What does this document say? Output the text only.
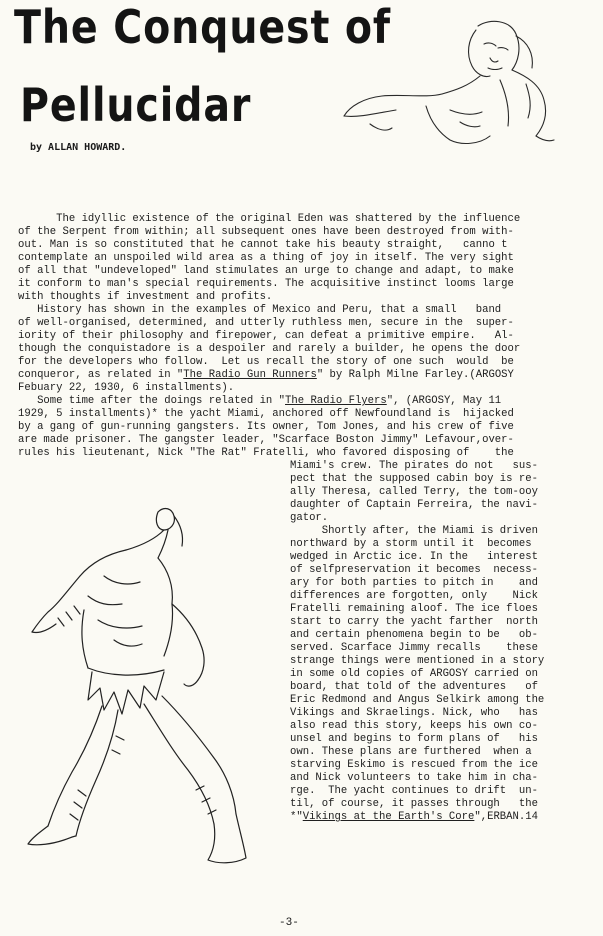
The Conquest of
Pellucidar

by ALLAN HOWARD.

The idyllic existence of the original Eden was shattered by the influence

of the Serpent from within; all subsequent ones have been destroyed from with-

out. Man is so constituted that he cannot take his beauty straight,   canno t

contemplate an unspoiled wild area as a thing of joy in itself. The very sight

of all that "undeveloped" land stimulates an urge to change and adapt, to make

it conform to man's special requirements. The acquisitive instinct looms large

with thoughts if investment and profits.

History has shown in the examples of Mexico and Peru, that a small   band

of well-organised, determined, and utterly ruthless men, secure in the  super-

iority of their philosophy and firepower, can defeat a primitive empire.   Al-

though the conquistadore is a despoiler and rarely a builder, he opens the door

for the developers who follow.  Let us recall the story of one such  would  be

conqueror, as related in "The Radio Gun Runners" by Ralph Milne Farley.(ARGOSY

Febuary 22, 1930, 6 installments).

Some time after the doings related in "The Radio Flyers", (ARGOSY, May 11

1929, 5 installments)* the yacht Miami, anchored off Newfoundland is  hijacked

by a gang of gun-running gangsters. Its owner, Tom Jones, and his crew of five

are made prisoner. The gangster leader, "Scarface Boston Jimmy" Lefavour,over-

rules his lieutenant, Nick "The Rat" Fratelli, who favored disposing of    the

Miami's crew. The pirates do not   sus-

pect that the supposed cabin boy is re-

ally Theresa, called Terry, the tom-ooy

daughter of Captain Ferreira, the navi-

gator.

Shortly after, the Miami is driven

northward by a storm until it  becomes

wedged in Arctic ice. In the   interest

of selfpreservation it becomes  necess-

ary for both parties to pitch in    and

differences are forgotten, only    Nick

Fratelli remaining aloof. The ice floes

start to carry the yacht farther  north

and certain phenomena begin to be   ob-

served. Scarface Jimmy recalls    these

strange things were mentioned in a story

in some old copies of ARGOSY carried on

board, that told of the adventures   of

Eric Redmond and Angus Selkirk among the

Vikings and Skraelings. Nick, who   has

also read this story, keeps his own co-

unsel and begins to form plans of   his

own. These plans are furthered  when a

starving Eskimo is rescued from the ice

and Nick volunteers to take him in cha-

rge.  The yacht continues to drift  un-

til, of course, it passes through   the

*"Vikings at the Earth's Core",ERBAN.14

-3-
